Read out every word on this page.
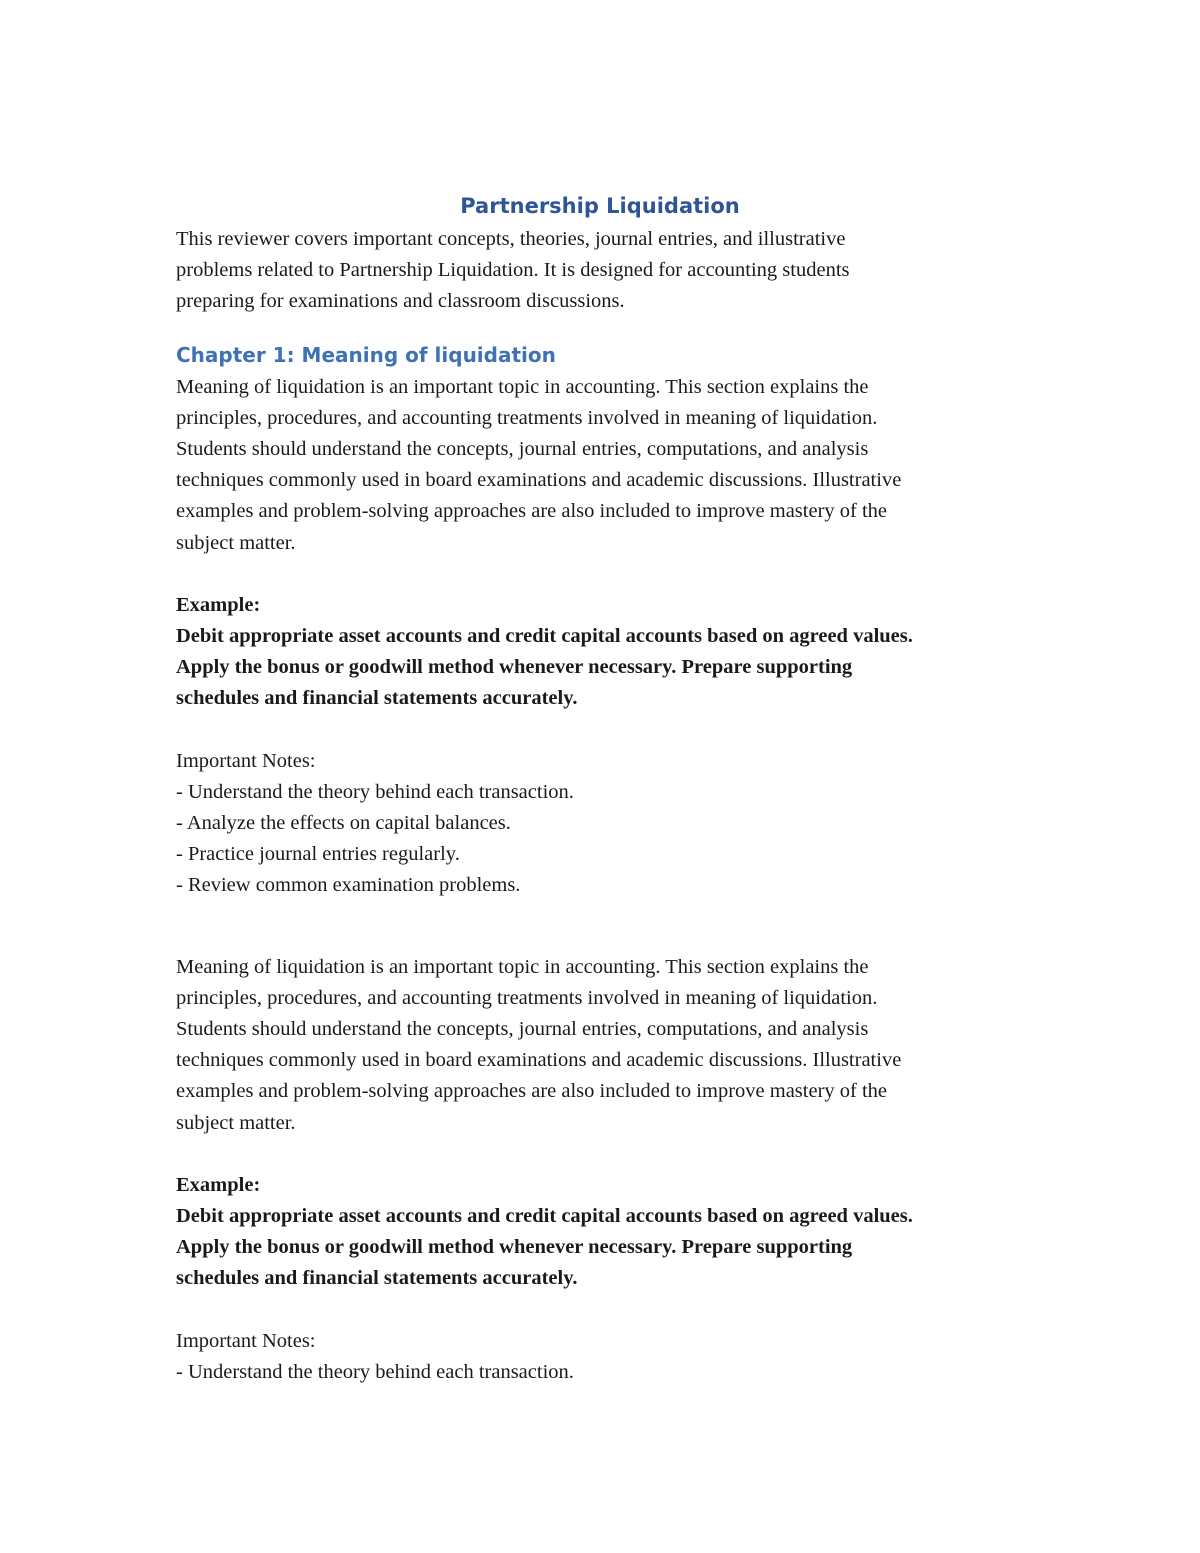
Partnership Liquidation

This reviewer covers important concepts, theories, journal entries, and illustrative
problems related to Partnership Liquidation. It is designed for accounting students
preparing for examinations and classroom discussions.

Chapter 1: Meaning of liquidation

Meaning of liquidation is an important topic in accounting. This section explains the
principles, procedures, and accounting treatments involved in meaning of liquidation.
Students should understand the concepts, journal entries, computations, and analysis
techniques commonly used in board examinations and academic discussions. Illustrative
examples and problem-solving approaches are also included to improve mastery of the
subject matter.

Example:

Debit appropriate asset accounts and credit capital accounts based on agreed values.
Apply the bonus or goodwill method whenever necessary. Prepare supporting
schedules and financial statements accurately.

Important Notes:

- Understand the theory behind each transaction.
- Analyze the effects on capital balances.
- Practice journal entries regularly.
- Review common examination problems.

Meaning of liquidation is an important topic in accounting. This section explains the
principles, procedures, and accounting treatments involved in meaning of liquidation.
Students should understand the concepts, journal entries, computations, and analysis
techniques commonly used in board examinations and academic discussions. Illustrative
examples and problem-solving approaches are also included to improve mastery of the
subject matter.

Example:

Debit appropriate asset accounts and credit capital accounts based on agreed values.
Apply the bonus or goodwill method whenever necessary. Prepare supporting
schedules and financial statements accurately.

Important Notes:

- Understand the theory behind each transaction.
